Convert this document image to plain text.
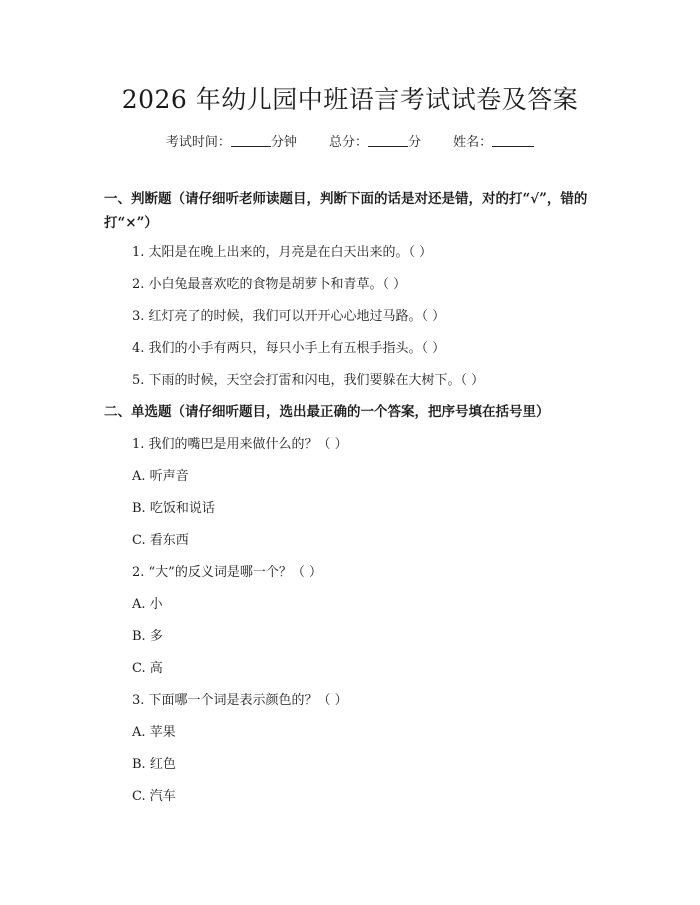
2026 年幼儿园中班语言考试试卷及答案
考试时间：	分钟 总分：	分 姓名：
一、判断题（请仔细听老师读题目，判断下面的话是对还是错，对的打“√”，错的打“×”）
1. 太阳是在晚上出来的，月亮是在白天出来的。（ ）
2. 小白兔最喜欢吃的食物是胡萝卜和青草。（ ）
3. 红灯亮了的时候，我们可以开开心心地过马路。（ ）
4. 我们的小手有两只，每只小手上有五根手指头。（ ）
5. 下雨的时候，天空会打雷和闪电，我们要躲在大树下。（ ）
二、单选题（请仔细听题目，选出最正确的一个答案，把序号填在括号里）
1. 我们的嘴巴是用来做什么的？（ ）
A. 听声音
B. 吃饭和说话
C. 看东西
2. “大”的反义词是哪一个？（ ）
A. 小
B. 多
C. 高
3. 下面哪一个词是表示颜色的？（ ）
A. 苹果
B. 红色
C. 汽车
